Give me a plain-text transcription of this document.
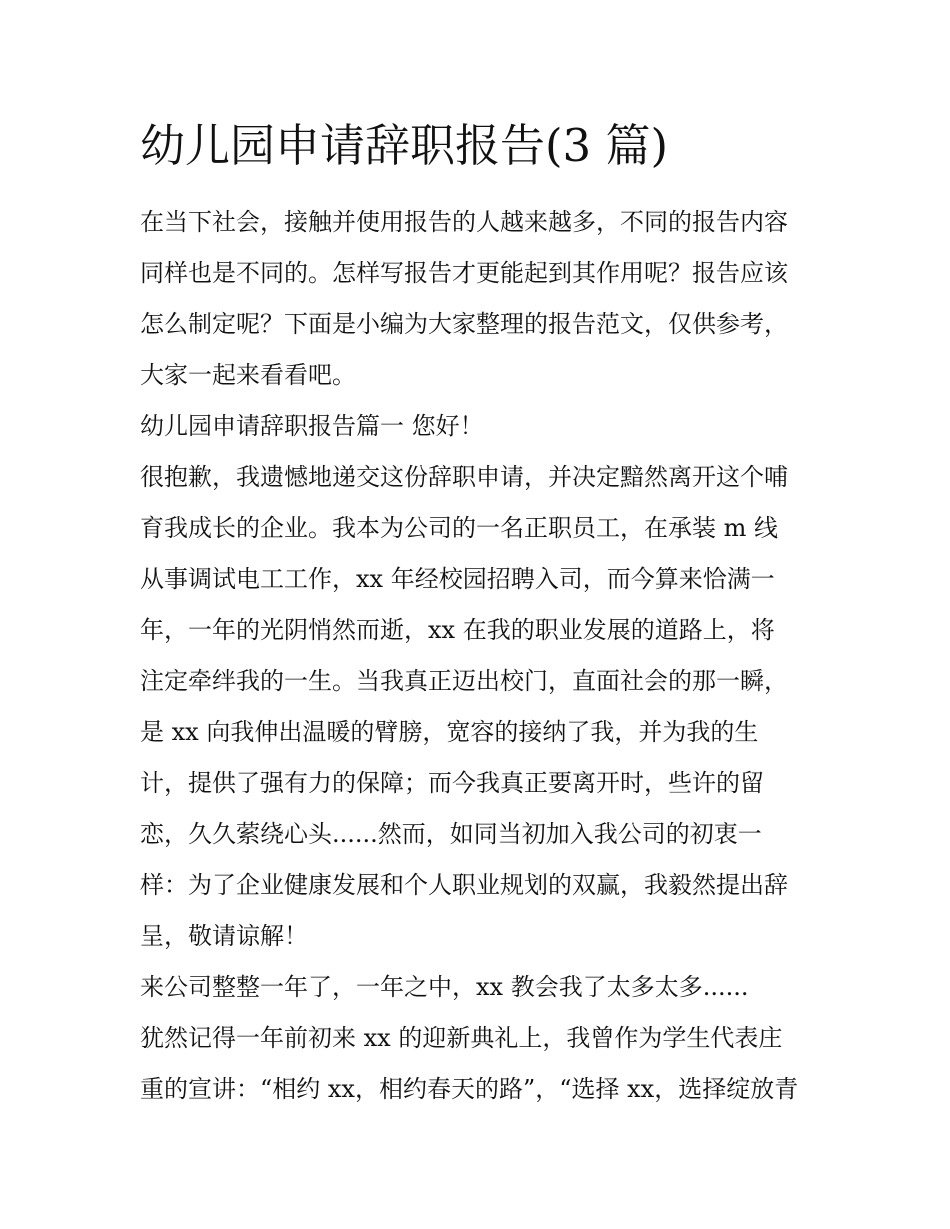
幼儿园申请辞职报告(3 篇)
在当下社会，接触并使用报告的人越来越多，不同的报告内容
同样也是不同的。怎样写报告才更能起到其作用呢？报告应该
怎么制定呢？下面是小编为大家整理的报告范文，仅供参考，
大家一起来看看吧。
幼儿园申请辞职报告篇一 您好！
很抱歉，我遗憾地递交这份辞职申请，并决定黯然离开这个哺
育我成长的企业。我本为公司的一名正职员工，在承装 m 线
从事调试电工工作，xx 年经校园招聘入司，而今算来恰满一
年，一年的光阴悄然而逝，xx 在我的职业发展的道路上，将
注定牵绊我的一生。当我真正迈出校门，直面社会的那一瞬，
是 xx 向我伸出温暖的臂膀，宽容的接纳了我，并为我的生
计，提供了强有力的保障；而今我真正要离开时，些许的留
恋，久久萦绕心头......然而，如同当初加入我公司的初衷一
样：为了企业健康发展和个人职业规划的双赢，我毅然提出辞
呈，敬请谅解！
来公司整整一年了，一年之中，xx 教会我了太多太多......
犹然记得一年前初来 xx 的迎新典礼上，我曾作为学生代表庄
重的宣讲：“相约 xx，相约春天的路”，“选择 xx，选择绽放青
